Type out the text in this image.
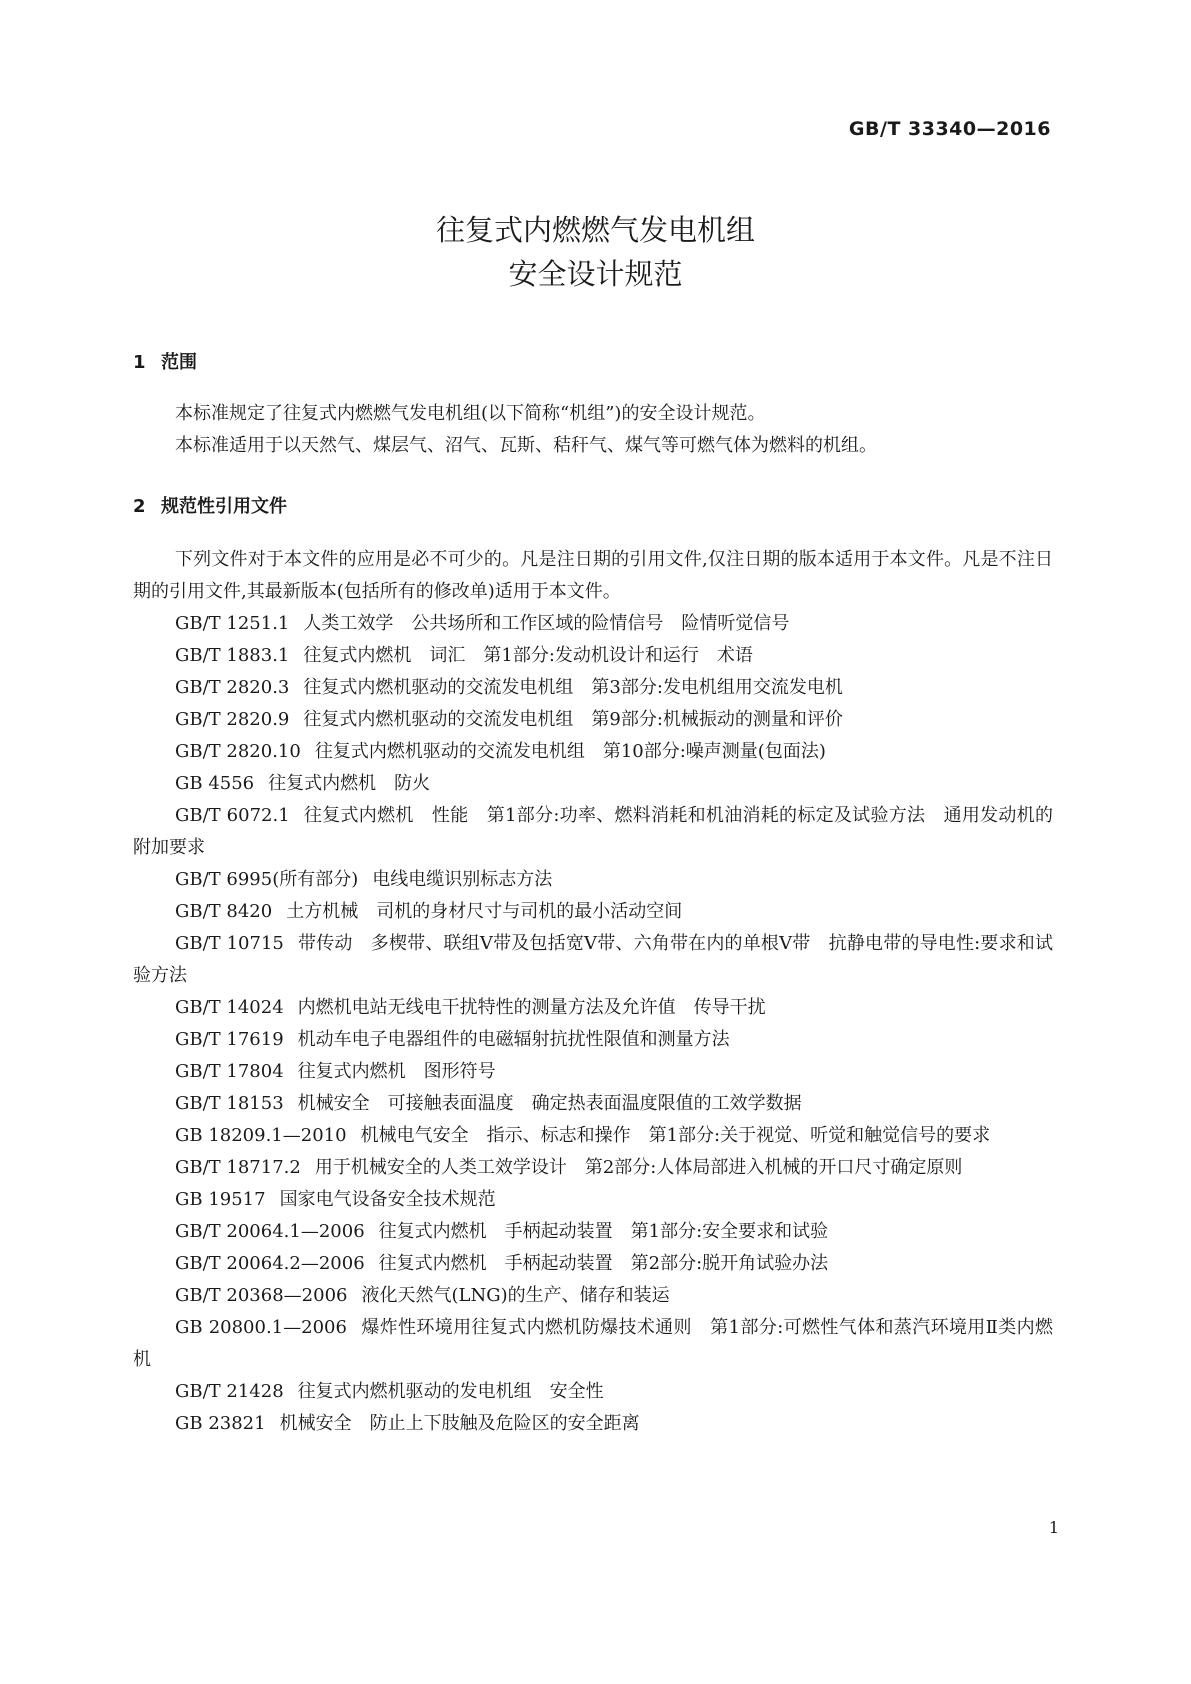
GB/T 33340—2016
往复式内燃燃气发电机组
安全设计规范
1 范围

本标准规定了往复式内燃燃气发电机组(以下简称“机组”)的安全设计规范。

本标准适用于以天然气、煤层气、沼气、瓦斯、秸秆气、煤气等可燃气体为燃料的机组。

2 规范性引用文件

下列文件对于本文件的应用是必不可少的。凡是注日期的引用文件,仅注日期的版本适用于本文件。凡是不注日期的引用文件,其最新版本(包括所有的修改单)适用于本文件。

GB/T 1251.1 人类工效学　公共场所和工作区域的险情信号　险情听觉信号
GB/T 1883.1 往复式内燃机　词汇　第1部分:发动机设计和运行　术语
GB/T 2820.3 往复式内燃机驱动的交流发电机组　第3部分:发电机组用交流发电机
GB/T 2820.9 往复式内燃机驱动的交流发电机组　第9部分:机械振动的测量和评价
GB/T 2820.10 往复式内燃机驱动的交流发电机组　第10部分:噪声测量(包面法)
GB 4556 往复式内燃机　防火
GB/T 6072.1 往复式内燃机　性能　第1部分:功率、燃料消耗和机油消耗的标定及试验方法　通用发动机的附加要求
GB/T 6995(所有部分) 电线电缆识别标志方法
GB/T 8420 土方机械　司机的身材尺寸与司机的最小活动空间
GB/T 10715 带传动　多楔带、联组V带及包括宽V带、六角带在内的单根V带　抗静电带的导电性:要求和试验方法
GB/T 14024 内燃机电站无线电干扰特性的测量方法及允许值　传导干扰
GB/T 17619 机动车电子电器组件的电磁辐射抗扰性限值和测量方法
GB/T 17804 往复式内燃机　图形符号
GB/T 18153 机械安全　可接触表面温度　确定热表面温度限值的工效学数据
GB 18209.1—2010 机械电气安全　指示、标志和操作　第1部分:关于视觉、听觉和触觉信号的要求
GB/T 18717.2 用于机械安全的人类工效学设计　第2部分:人体局部进入机械的开口尺寸确定原则
GB 19517 国家电气设备安全技术规范
GB/T 20064.1—2006 往复式内燃机　手柄起动装置　第1部分:安全要求和试验
GB/T 20064.2—2006 往复式内燃机　手柄起动装置　第2部分:脱开角试验办法
GB/T 20368—2006 液化天然气(LNG)的生产、储存和装运
GB 20800.1—2006 爆炸性环境用往复式内燃机防爆技术通则　第1部分:可燃性气体和蒸汽环境用Ⅱ类内燃机
GB/T 21428 往复式内燃机驱动的发电机组　安全性
GB 23821 机械安全　防止上下肢触及危险区的安全距离
1
